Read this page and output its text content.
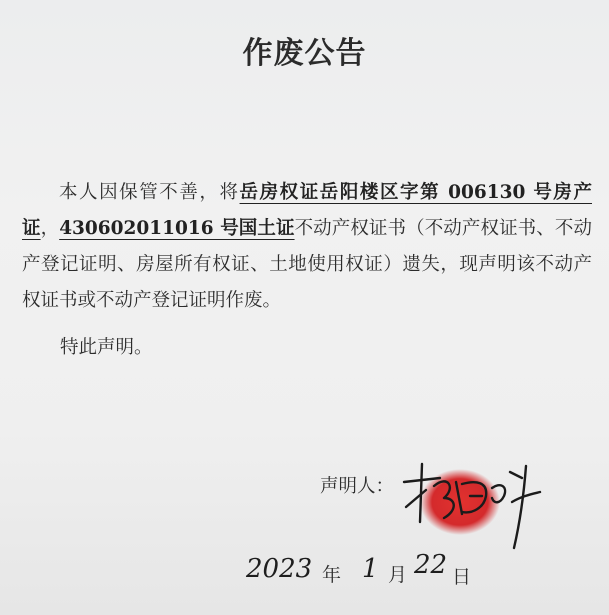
作废公告

本人因保管不善，将岳房权证岳阳楼区字第 006130 号房产证，430602011016 号国土证不动产权证书（不动产权证书、不动产登记证明、房屋所有权证、土地使用权证）遗失，现声明该不动产权证书或不动产登记证明作废。

特此声明。
声明人：
2023 年 1 月 22 日
